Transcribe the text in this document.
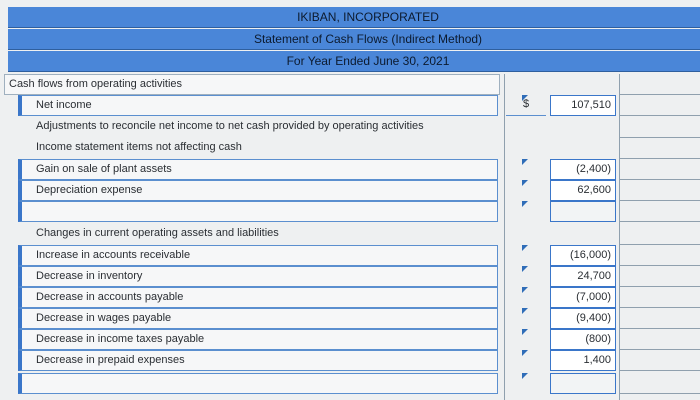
IKIBAN, INCORPORATED
Statement of Cash Flows (Indirect Method)
For Year Ended June 30, 2021
Cash flows from operating activities
Net income	$	107,510
Adjustments to reconcile net income to net cash provided by operating activities
Income statement items not affecting cash
Gain on sale of plant assets	(2,400)
Depreciation expense	62,600
Changes in current operating assets and liabilities
Increase in accounts receivable	(16,000)
Decrease in inventory	24,700
Decrease in accounts payable	(7,000)
Decrease in wages payable	(9,400)
Decrease in income taxes payable	(800)
Decrease in prepaid expenses	1,400
